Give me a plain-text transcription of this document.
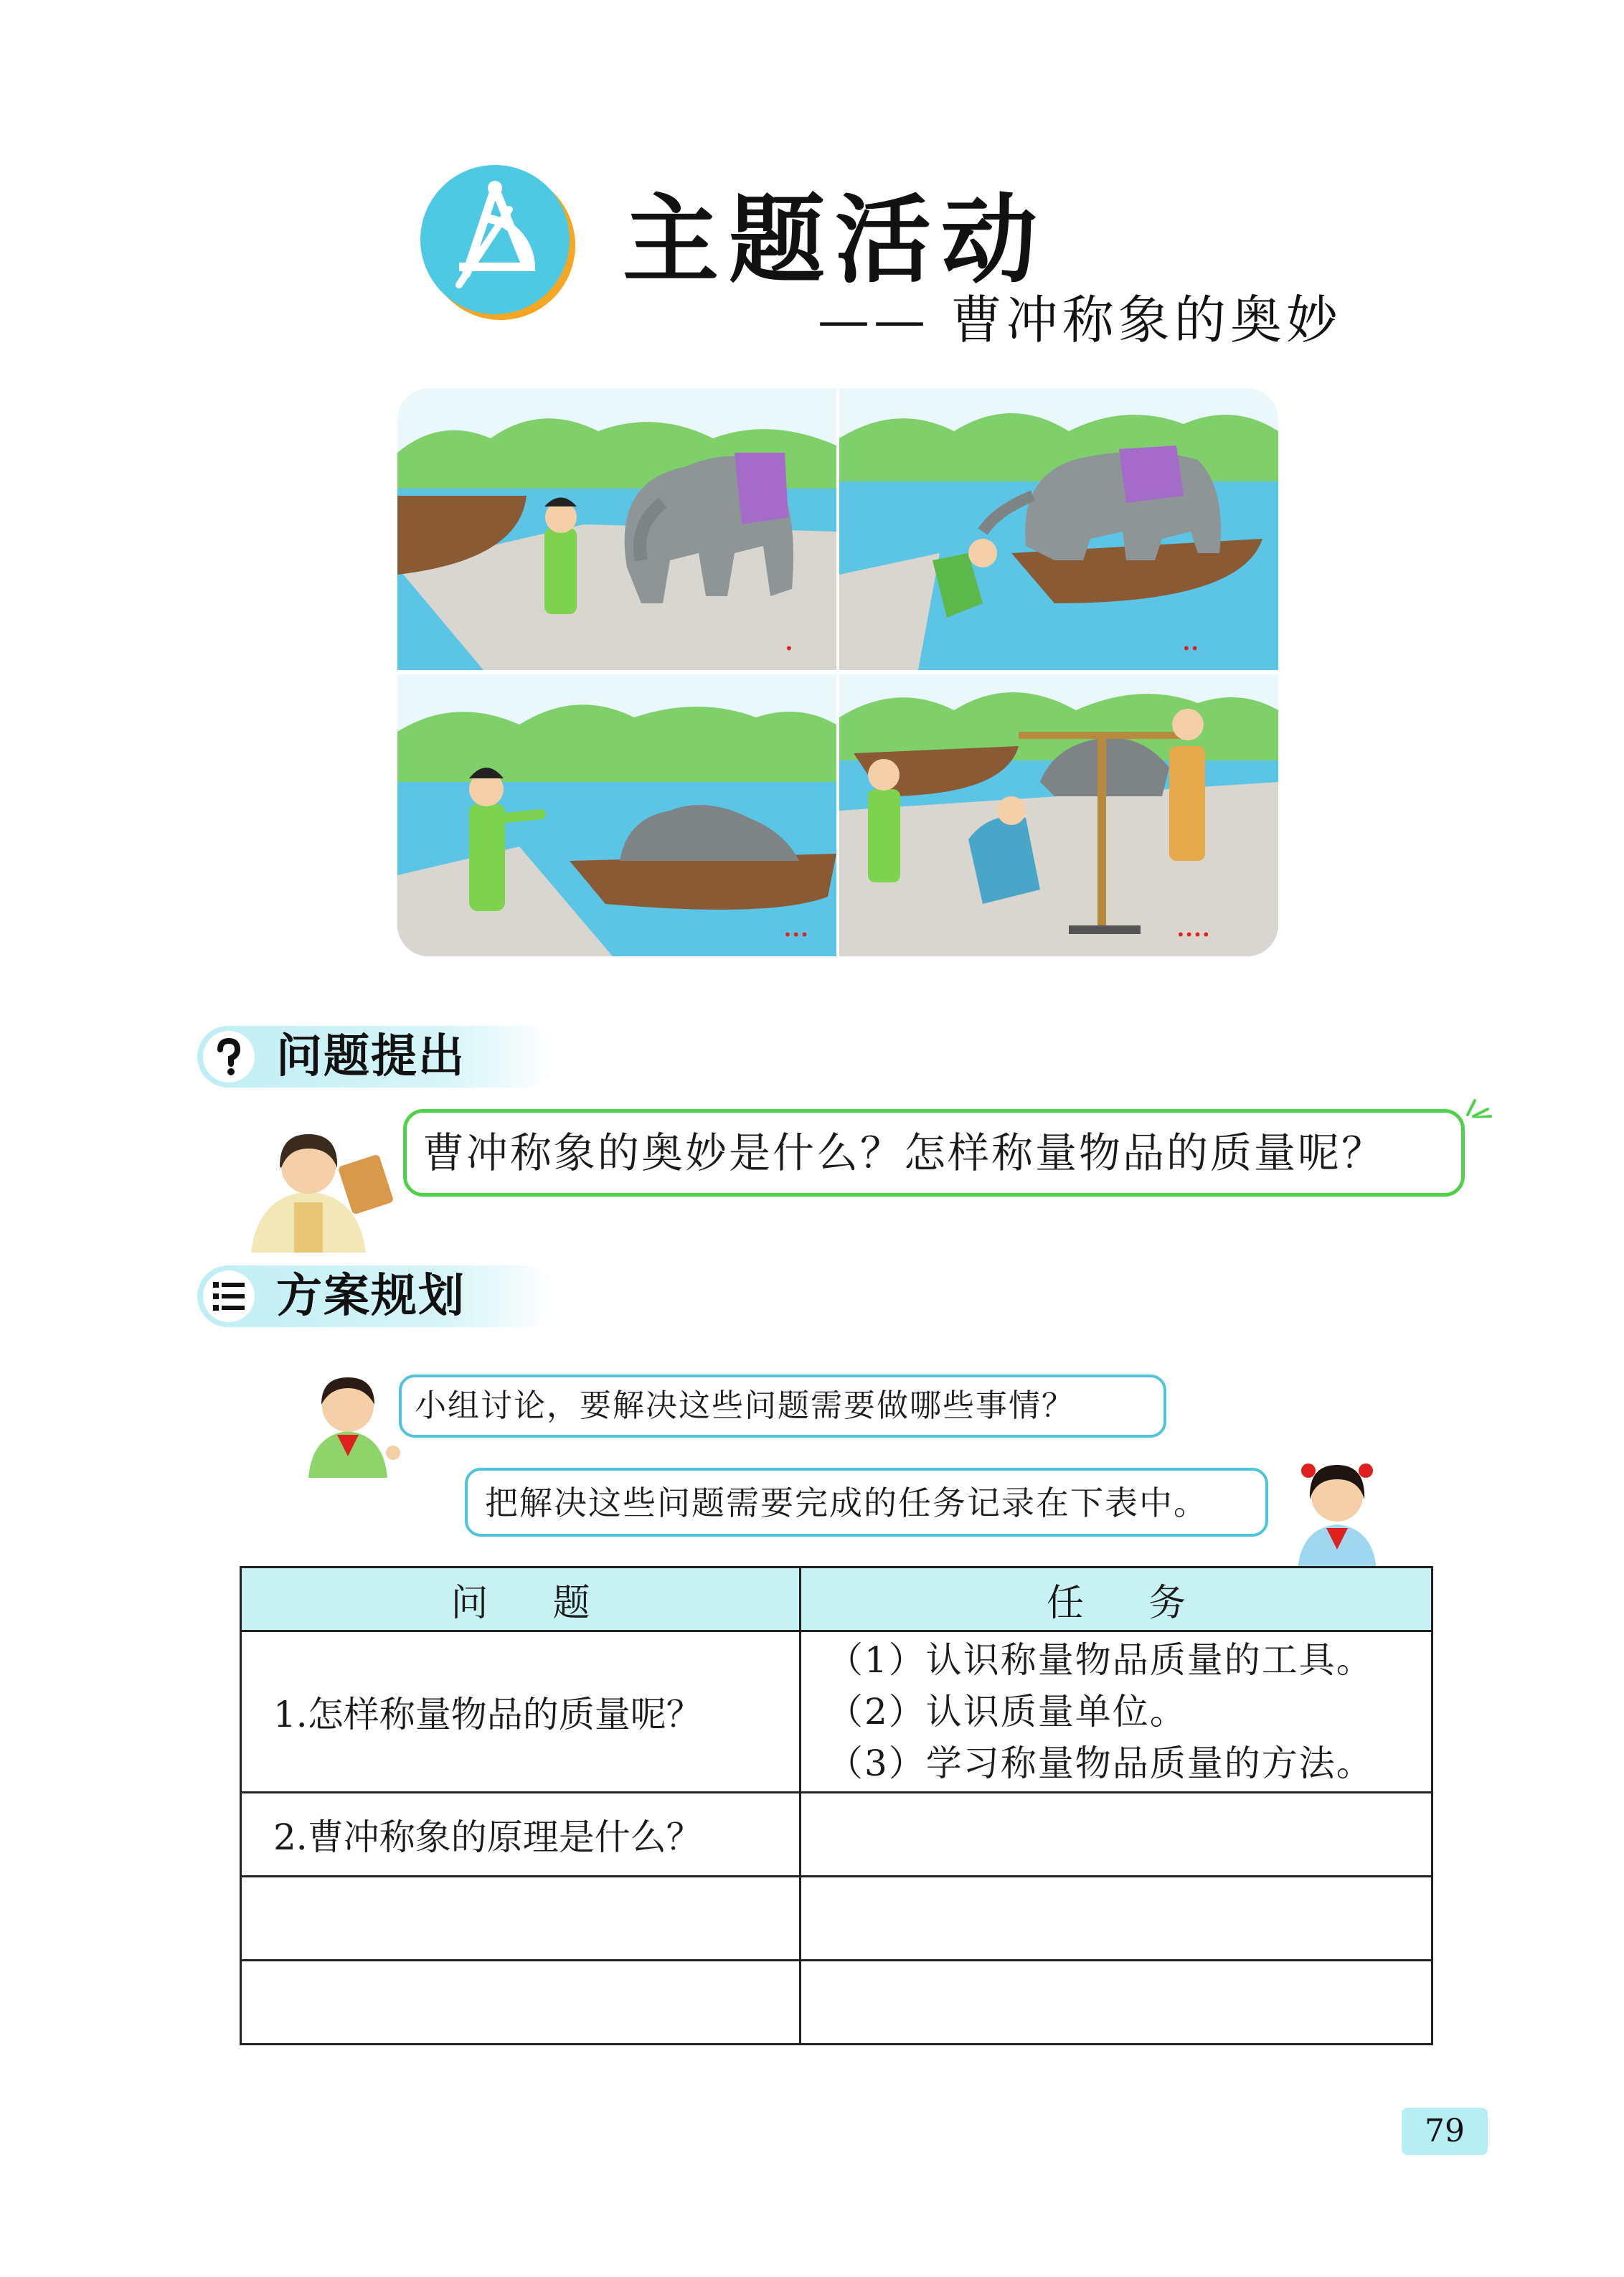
主题活动
—— 曹冲称象的奥妙
•	••
•••	••••
问题提出
曹冲称象的奥妙是什么？怎样称量物品的质量呢？
方案规划
小组讨论，要解决这些问题需要做哪些事情？
把解决这些问题需要完成的任务记录在下表中。
问题	任务
1.怎样称量物品的质量呢？	（1）认识称量物品质量的工具。
（2）认识质量单位。
（3）学习称量物品质量的方法。

2.曹冲称象的原理是什么？	

79
